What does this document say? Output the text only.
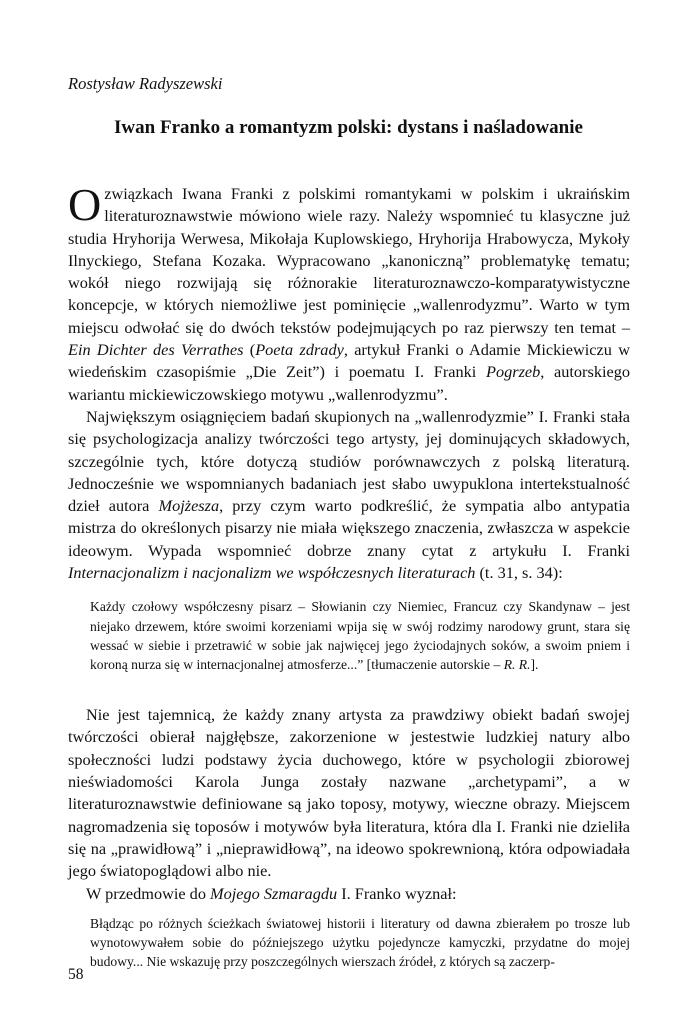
Rostysław Radyszewski

Iwan Franko a romantyzm polski: dystans i naśladowanie

O związkach Iwana Franki z polskimi romantykami w polskim i ukraińskim literaturoznawstwie mówiono wiele razy. Należy wspomnieć tu klasyczne już studia Hryhorija Werwesa, Mikołaja Kuplowskiego, Hryhorija Hrabowycza, Mykoły Ilnyckiego, Stefana Kozaka. Wypracowano „kanoniczną” problematykę tematu; wokół niego rozwijają się różnorakie literaturoznawczo-komparatywistyczne koncepcje, w których niemożliwe jest pominięcie „wallenrodyzmu”. Warto w tym miejscu odwołać się do dwóch tekstów podejmujących po raz pierwszy ten temat – Ein Dichter des Verrathes (Poeta zdrady, artykuł Franki o Adamie Mickiewiczu w wiedeńskim czasopiśmie „Die Zeit”) i poematu I. Franki Pogrzeb, autorskiego wariantu mickiewiczowskiego motywu „wallenrodyzmu”.

Największym osiągnięciem badań skupionych na „wallenrodyzmie” I. Franki stała się psychologizacja analizy twórczości tego artysty, jej dominujących składowych, szczególnie tych, które dotyczą studiów porównawczych z polską literaturą. Jednocześnie we wspomnianych badaniach jest słabo uwypuklona intertekstualność dzieł autora Mojżesza, przy czym warto podkreślić, że sympatia albo antypatia mistrza do określonych pisarzy nie miała większego znaczenia, zwłaszcza w aspekcie ideowym. Wypada wspomnieć dobrze znany cytat z artykułu I. Franki Internacjonalizm i nacjonalizm we współczesnych literaturach (t. 31, s. 34):

Każdy czołowy współczesny pisarz – Słowianin czy Niemiec, Francuz czy Skandynaw – jest niejako drzewem, które swoimi korzeniami wpija się w swój rodzimy narodowy grunt, stara się wessać w siebie i przetrawić w sobie jak najwięcej jego życiodajnych soków, a swoim pniem i koroną nurza się w internacjonalnej atmosferze...” [tłumaczenie autorskie – R. R.].

Nie jest tajemnicą, że każdy znany artysta za prawdziwy obiekt badań swojej twórczości obierał najgłębsze, zakorzenione w jestestwie ludzkiej natury albo społeczności ludzi podstawy życia duchowego, które w psychologii zbiorowej nieświadomości Karola Junga zostały nazwane „archetypami”, a w literaturoznawstwie definiowane są jako toposy, motywy, wieczne obrazy. Miejscem nagromadzenia się toposów i motywów była literatura, która dla I. Franki nie dzieliła się na „prawidłową” i „nieprawidłową”, na ideowo spokrewnioną, która odpowiadała jego światopoglądowi albo nie.

W przedmowie do Mojego Szmaragdu I. Franko wyznał:

Błądząc po różnych ścieżkach światowej historii i literatury od dawna zbierałem po trosze lub wynotowywałem sobie do późniejszego użytku pojedyncze kamyczki, przydatne do mojej budowy... Nie wskazuję przy poszczególnych wierszach źródeł, z których są zaczerp-

58
